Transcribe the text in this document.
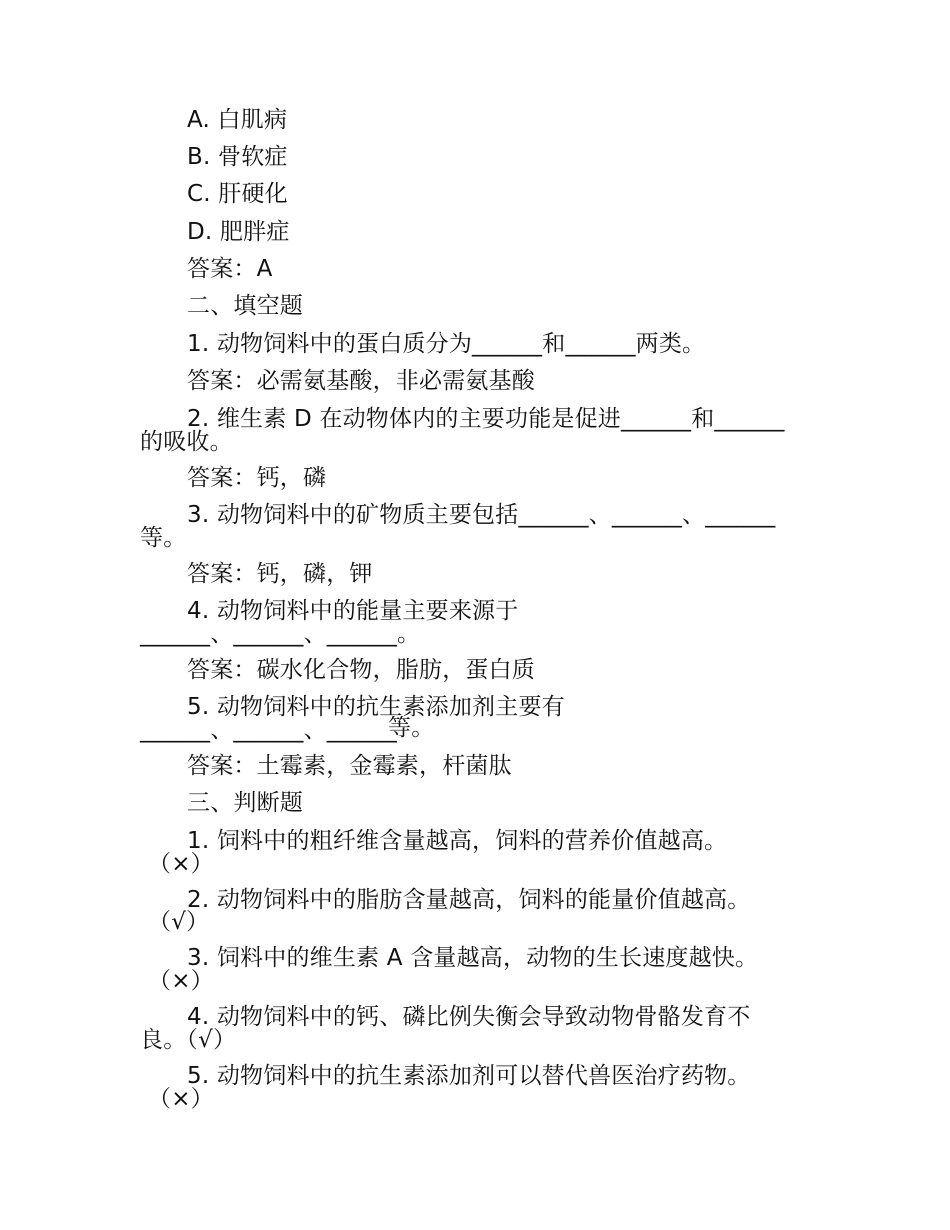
A. 白肌病
B. 骨软症
C. 肝硬化
D. 肥胖症
答案：A
二、填空题
1. 动物饲料中的蛋白质分为______和______两类。
答案：必需氨基酸，非必需氨基酸
2. 维生素 D 在动物体内的主要功能是促进______和______
的吸收。
答案：钙，磷
3. 动物饲料中的矿物质主要包括______、______、______
等。
答案：钙，磷，钾
4. 动物饲料中的能量主要来源于
______、______、______。
答案：碳水化合物，脂肪，蛋白质
5. 动物饲料中的抗生素添加剂主要有
______、______、______
等。
答案：土霉素，金霉素，杆菌肽
三、判断题
1. 饲料中的粗纤维含量越高，饲料的营养价值越高。
（×）
2. 动物饲料中的脂肪含量越高，饲料的能量价值越高。
（√）
3. 饲料中的维生素 A 含量越高，动物的生长速度越快。
（×）
4. 动物饲料中的钙、磷比例失衡会导致动物骨骼发育不
良。（√）
5. 动物饲料中的抗生素添加剂可以替代兽医治疗药物。
（×）
